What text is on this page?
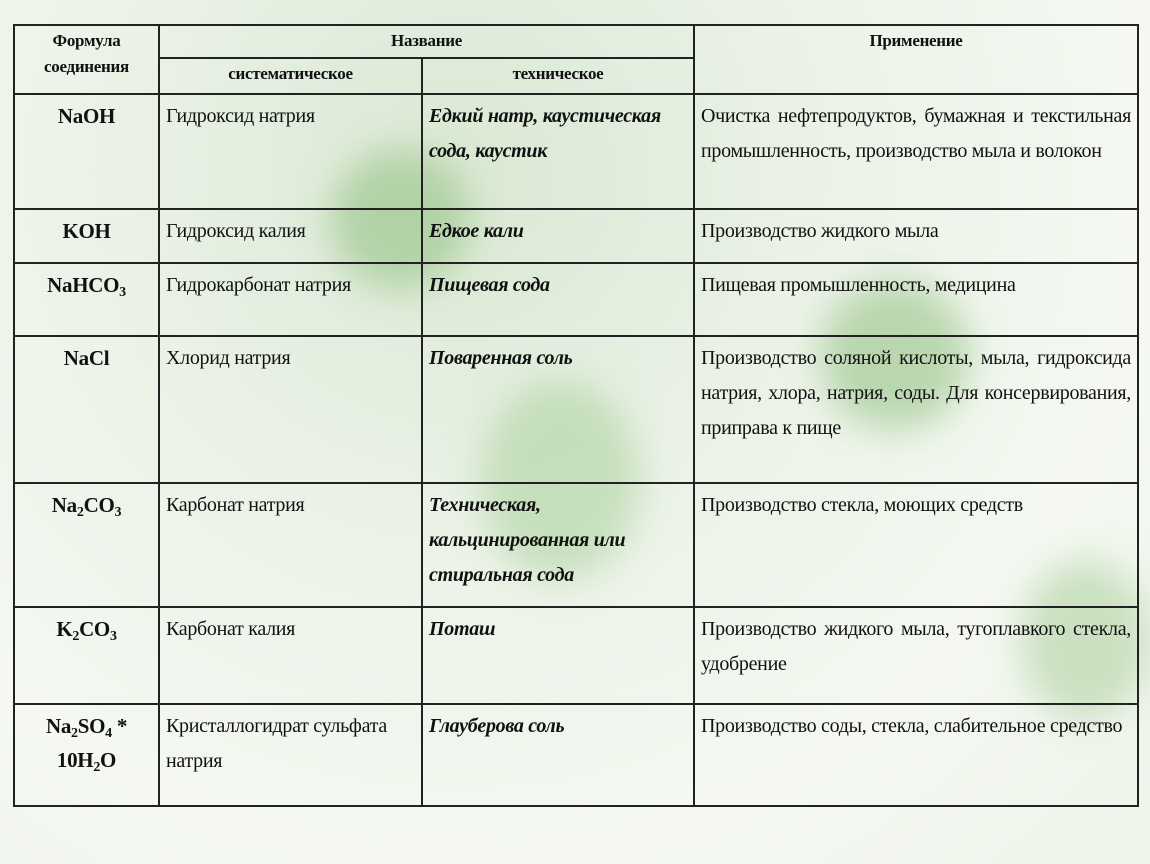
Формула соединения	Название		Применение
	систематическое	техническое	
NaOH	Гидроксид натрия	Едкий натр, каустическая сода, каустик	Очистка нефтепродуктов, бумажная и текстильная промышленность, производство мыла и волокон
KOH	Гидроксид калия	Едкое кали	Производство жидкого мыла
NaHCO$_3$	Гидрокарбонат натрия	Пищевая сода	Пищевая промышленность, медицина
NaCl	Хлорид натрия	Поваренная соль	Производство соляной кислоты, мыла, гидроксида натрия, хлора, натрия, соды. Для консервирования, приправа к пище
$Na_2CO_3$	Карбонат натрия	Техническая, кальцинированная или стиральная сода	Производство стекла, моющих средств
$K_2CO_3$	Карбонат калия	Поташ	Производство жидкого мыла, тугоплавкого стекла, удобрение
$Na_2SO_4 * 10H_2O$	Кристаллогидрат сульфата натрия	Глауберова соль	Производство соды, стекла, слабительное средство
